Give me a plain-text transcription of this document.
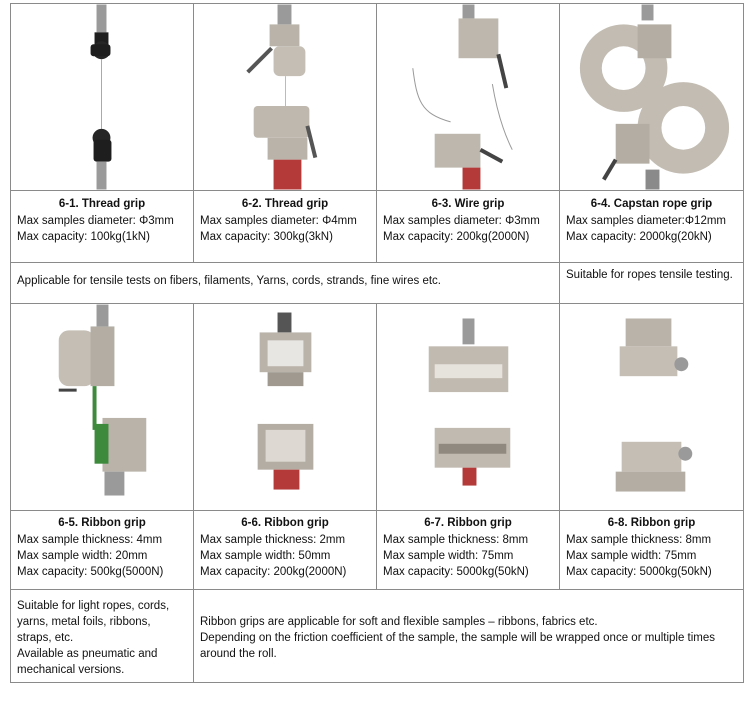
6-1. Thread grip
Max samples diameter: Φ3mm
Max capacity: 100kg(1kN)	6-2. Thread grip
Max samples diameter: Φ4mm
Max capacity: 300kg(3kN)	6-3. Wire grip
Max samples diameter: Φ3mm
Max capacity: 200kg(2000N)	6-4. Capstan rope grip
Max samples diameter:Φ12mm
Max capacity: 2000kg(20kN)

Applicable for tensile tests on fibers, filaments, Yarns, cords, strands, fine wires etc.			Suitable for ropes tensile testing.

6-5. Ribbon grip
Max sample thickness: 4mm
Max sample width: 20mm
Max capacity: 500kg(5000N)	6-6. Ribbon grip
Max sample thickness: 2mm
Max sample width: 50mm
Max capacity: 200kg(2000N)	6-7. Ribbon grip
Max sample thickness: 8mm
Max sample width: 75mm
Max capacity: 5000kg(50kN)	6-8. Ribbon grip
Max sample thickness: 8mm
Max sample width: 75mm
Max capacity: 5000kg(50kN)

Suitable for light ropes, cords, yarns, metal foils, ribbons, straps, etc.
Available as pneumatic and mechanical versions.	Ribbon grips are applicable for soft and flexible samples – ribbons, fabrics etc.
Depending on the friction coefficient of the sample, the sample will be wrapped once or multiple times around the roll.		
